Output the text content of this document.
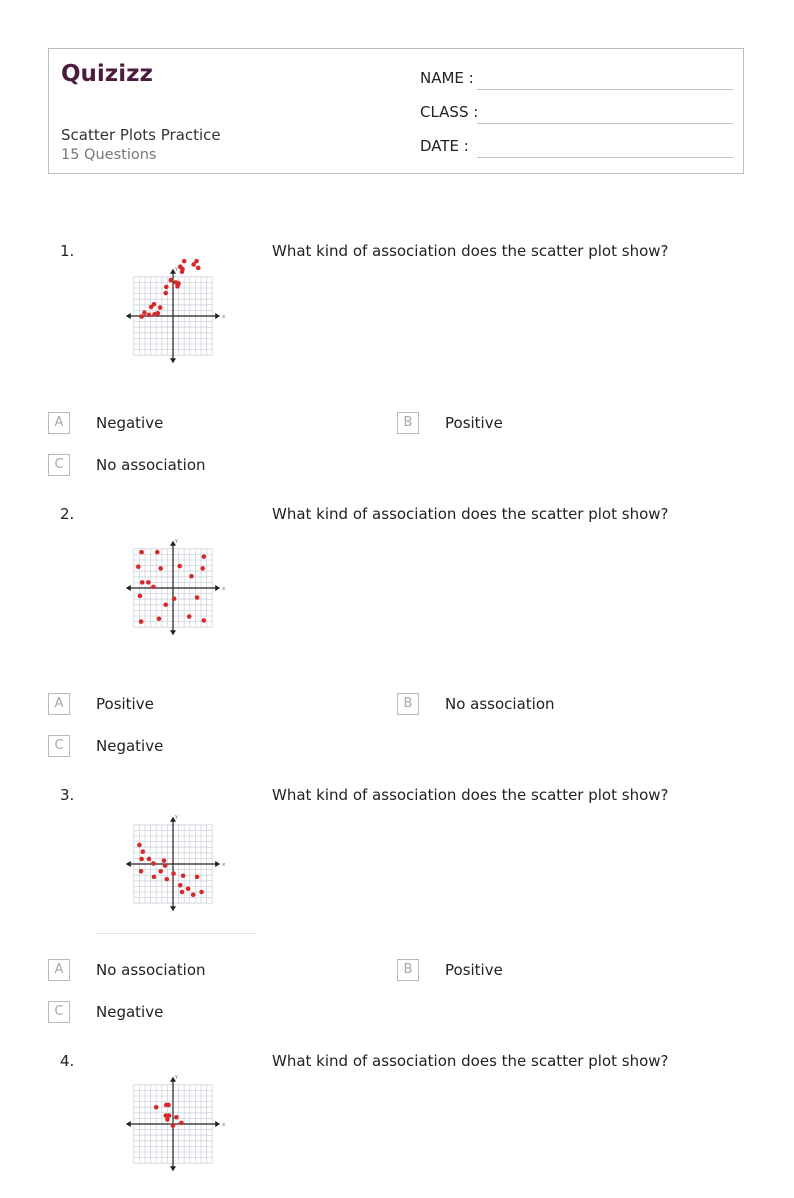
Quizizz
Scatter Plots Practice
15 Questions
NAME :
CLASS :
DATE :
1.
x
y
What kind of association does the scatter plot show?
A	Negative	B	Positive
C	No association
2.
x
y
What kind of association does the scatter plot show?
A	Positive	B	No association
C	Negative
3.
x
y
What kind of association does the scatter plot show?
A	No association	B	Positive
C	Negative
4.
x
y
What kind of association does the scatter plot show?
